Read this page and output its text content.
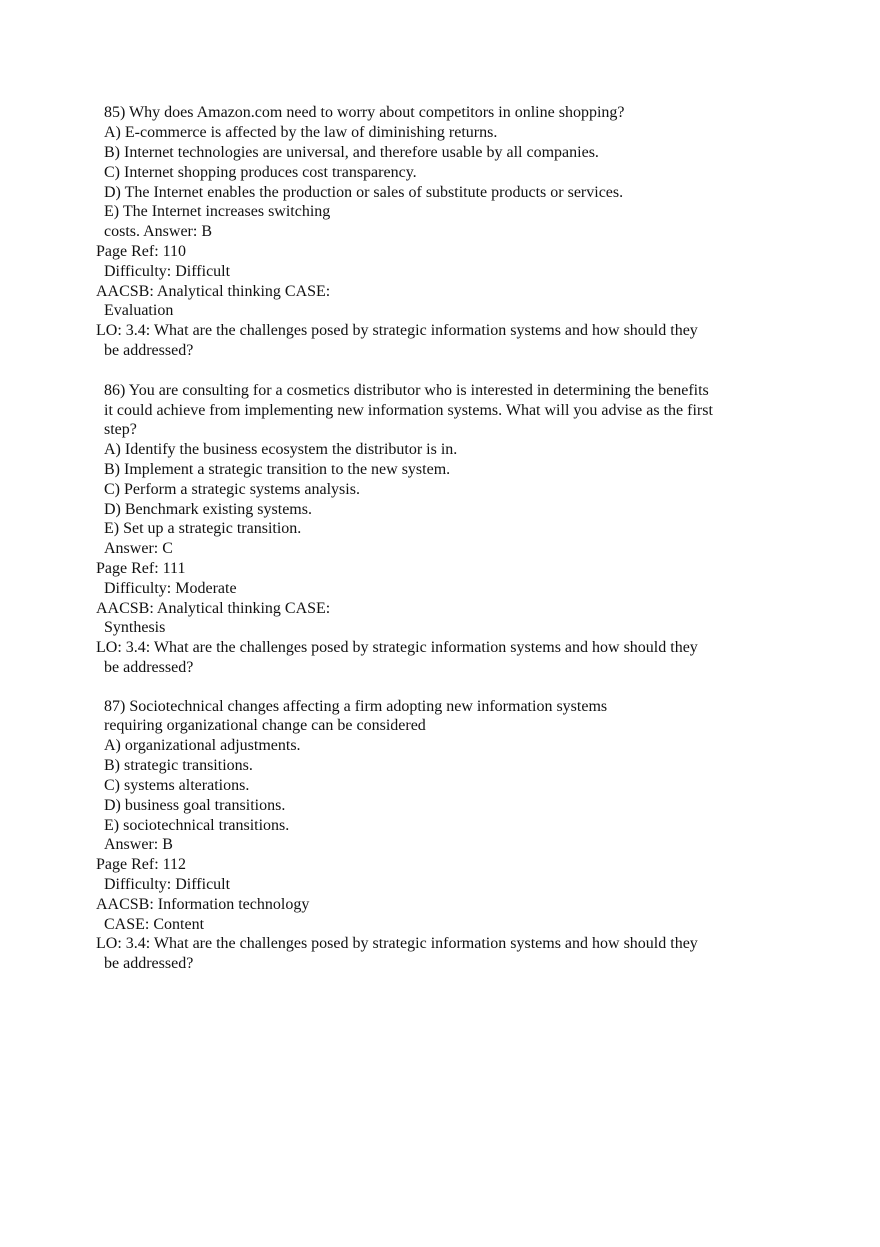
85) Why does Amazon.com need to worry about competitors in online shopping?
A) E-commerce is affected by the law of diminishing returns.
B) Internet technologies are universal, and therefore usable by all companies.
C) Internet shopping produces cost transparency.
D) The Internet enables the production or sales of substitute products or services.
E) The Internet increases switching
costs. Answer: B
Page Ref: 110
Difficulty: Difficult
AACSB: Analytical thinking CASE:
Evaluation
LO: 3.4: What are the challenges posed by strategic information systems and how should they
be addressed?
86) You are consulting for a cosmetics distributor who is interested in determining the benefits
it could achieve from implementing new information systems. What will you advise as the first
step?
A) Identify the business ecosystem the distributor is in.
B) Implement a strategic transition to the new system.
C) Perform a strategic systems analysis.
D) Benchmark existing systems.
E) Set up a strategic transition.
Answer: C
Page Ref: 111
Difficulty: Moderate
AACSB: Analytical thinking CASE:
Synthesis
LO: 3.4: What are the challenges posed by strategic information systems and how should they
be addressed?
87) Sociotechnical changes affecting a firm adopting new information systems
requiring organizational change can be considered
A) organizational adjustments.
B) strategic transitions.
C) systems alterations.
D) business goal transitions.
E) sociotechnical transitions.
Answer: B
Page Ref: 112
Difficulty: Difficult
AACSB: Information technology
CASE: Content
LO: 3.4: What are the challenges posed by strategic information systems and how should they
be addressed?
